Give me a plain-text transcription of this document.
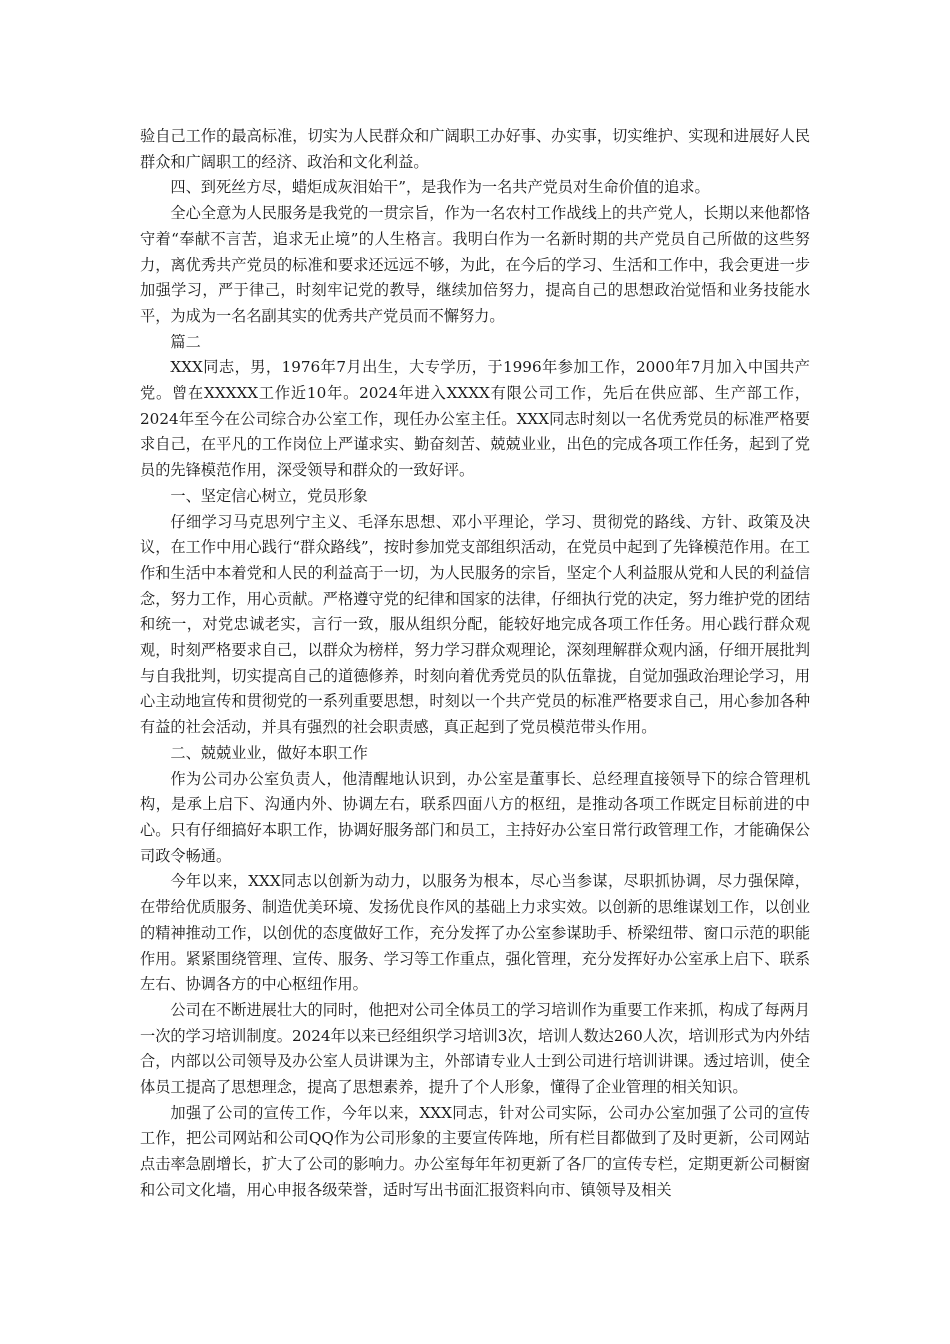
验自己工作的最高标准，切实为人民群众和广阔职工办好事、办实事，切实维护、实现和进展好人民群众和广阔职工的经济、政治和文化利益。

四、到死丝方尽，蜡炬成灰泪始干”，是我作为一名共产党员对生命价值的追求。

全心全意为人民服务是我党的一贯宗旨，作为一名农村工作战线上的共产党人，长期以来他都恪守着“奉献不言苦，追求无止境”的人生格言。我明白作为一名新时期的共产党员自己所做的这些努力，离优秀共产党员的标准和要求还远远不够，为此，在今后的学习、生活和工作中，我会更进一步加强学习，严于律己，时刻牢记党的教导，继续加倍努力，提高自己的思想政治觉悟和业务技能水平，为成为一名名副其实的优秀共产党员而不懈努力。

篇二

XXX同志，男，1976年7月出生，大专学历，于1996年参加工作，2000年7月加入中国共产党。曾在XXXXX工作近10年。2024年进入XXXX有限公司工作，先后在供应部、生产部工作，2024年至今在公司综合办公室工作，现任办公室主任。XXX同志时刻以一名优秀党员的标准严格要求自己，在平凡的工作岗位上严谨求实、勤奋刻苦、兢兢业业，出色的完成各项工作任务，起到了党员的先锋模范作用，深受领导和群众的一致好评。

一、坚定信心树立，党员形象

仔细学习马克思列宁主义、毛泽东思想、邓小平理论，学习、贯彻党的路线、方针、政策及决议，在工作中用心践行“群众路线”，按时参加党支部组织活动，在党员中起到了先锋模范作用。在工作和生活中本着党和人民的利益高于一切，为人民服务的宗旨，坚定个人利益服从党和人民的利益信念，努力工作，用心贡献。严格遵守党的纪律和国家的法律，仔细执行党的决定，努力维护党的团结和统一，对党忠诚老实，言行一致，服从组织分配，能较好地完成各项工作任务。用心践行群众观观，时刻严格要求自己，以群众为榜样，努力学习群众观理论，深刻理解群众观内涵，仔细开展批判与自我批判，切实提高自己的道德修养，时刻向着优秀党员的队伍靠拢，自觉加强政治理论学习，用心主动地宣传和贯彻党的一系列重要思想，时刻以一个共产党员的标准严格要求自己，用心参加各种有益的社会活动，并具有强烈的社会职责感，真正起到了党员模范带头作用。

二、兢兢业业，做好本职工作

作为公司办公室负责人，他清醒地认识到，办公室是董事长、总经理直接领导下的综合管理机构，是承上启下、沟通内外、协调左右，联系四面八方的枢纽，是推动各项工作既定目标前进的中心。只有仔细搞好本职工作，协调好服务部门和员工，主持好办公室日常行政管理工作，才能确保公司政令畅通。

今年以来，XXX同志以创新为动力，以服务为根本，尽心当参谋，尽职抓协调，尽力强保障，在带给优质服务、制造优美环境、发扬优良作风的基础上力求实效。以创新的思维谋划工作，以创业的精神推动工作，以创优的态度做好工作，充分发挥了办公室参谋助手、桥梁纽带、窗口示范的职能作用。紧紧围绕管理、宣传、服务、学习等工作重点，强化管理，充分发挥好办公室承上启下、联系左右、协调各方的中心枢纽作用。

公司在不断进展壮大的同时，他把对公司全体员工的学习培训作为重要工作来抓，构成了每两月一次的学习培训制度。2024年以来已经组织学习培训3次，培训人数达260人次，培训形式为内外结合，内部以公司领导及办公室人员讲课为主，外部请专业人士到公司进行培训讲课。透过培训，使全体员工提高了思想理念，提高了思想素养，提升了个人形象，懂得了企业管理的相关知识。

加强了公司的宣传工作，今年以来，XXX同志，针对公司实际，公司办公室加强了公司的宣传工作，把公司网站和公司QQ作为公司形象的主要宣传阵地，所有栏目都做到了及时更新，公司网站点击率急剧增长，扩大了公司的影响力。办公室每年年初更新了各厂的宣传专栏，定期更新公司橱窗和公司文化墙，用心申报各级荣誉，适时写出书面汇报资料向市、镇领导及相关
